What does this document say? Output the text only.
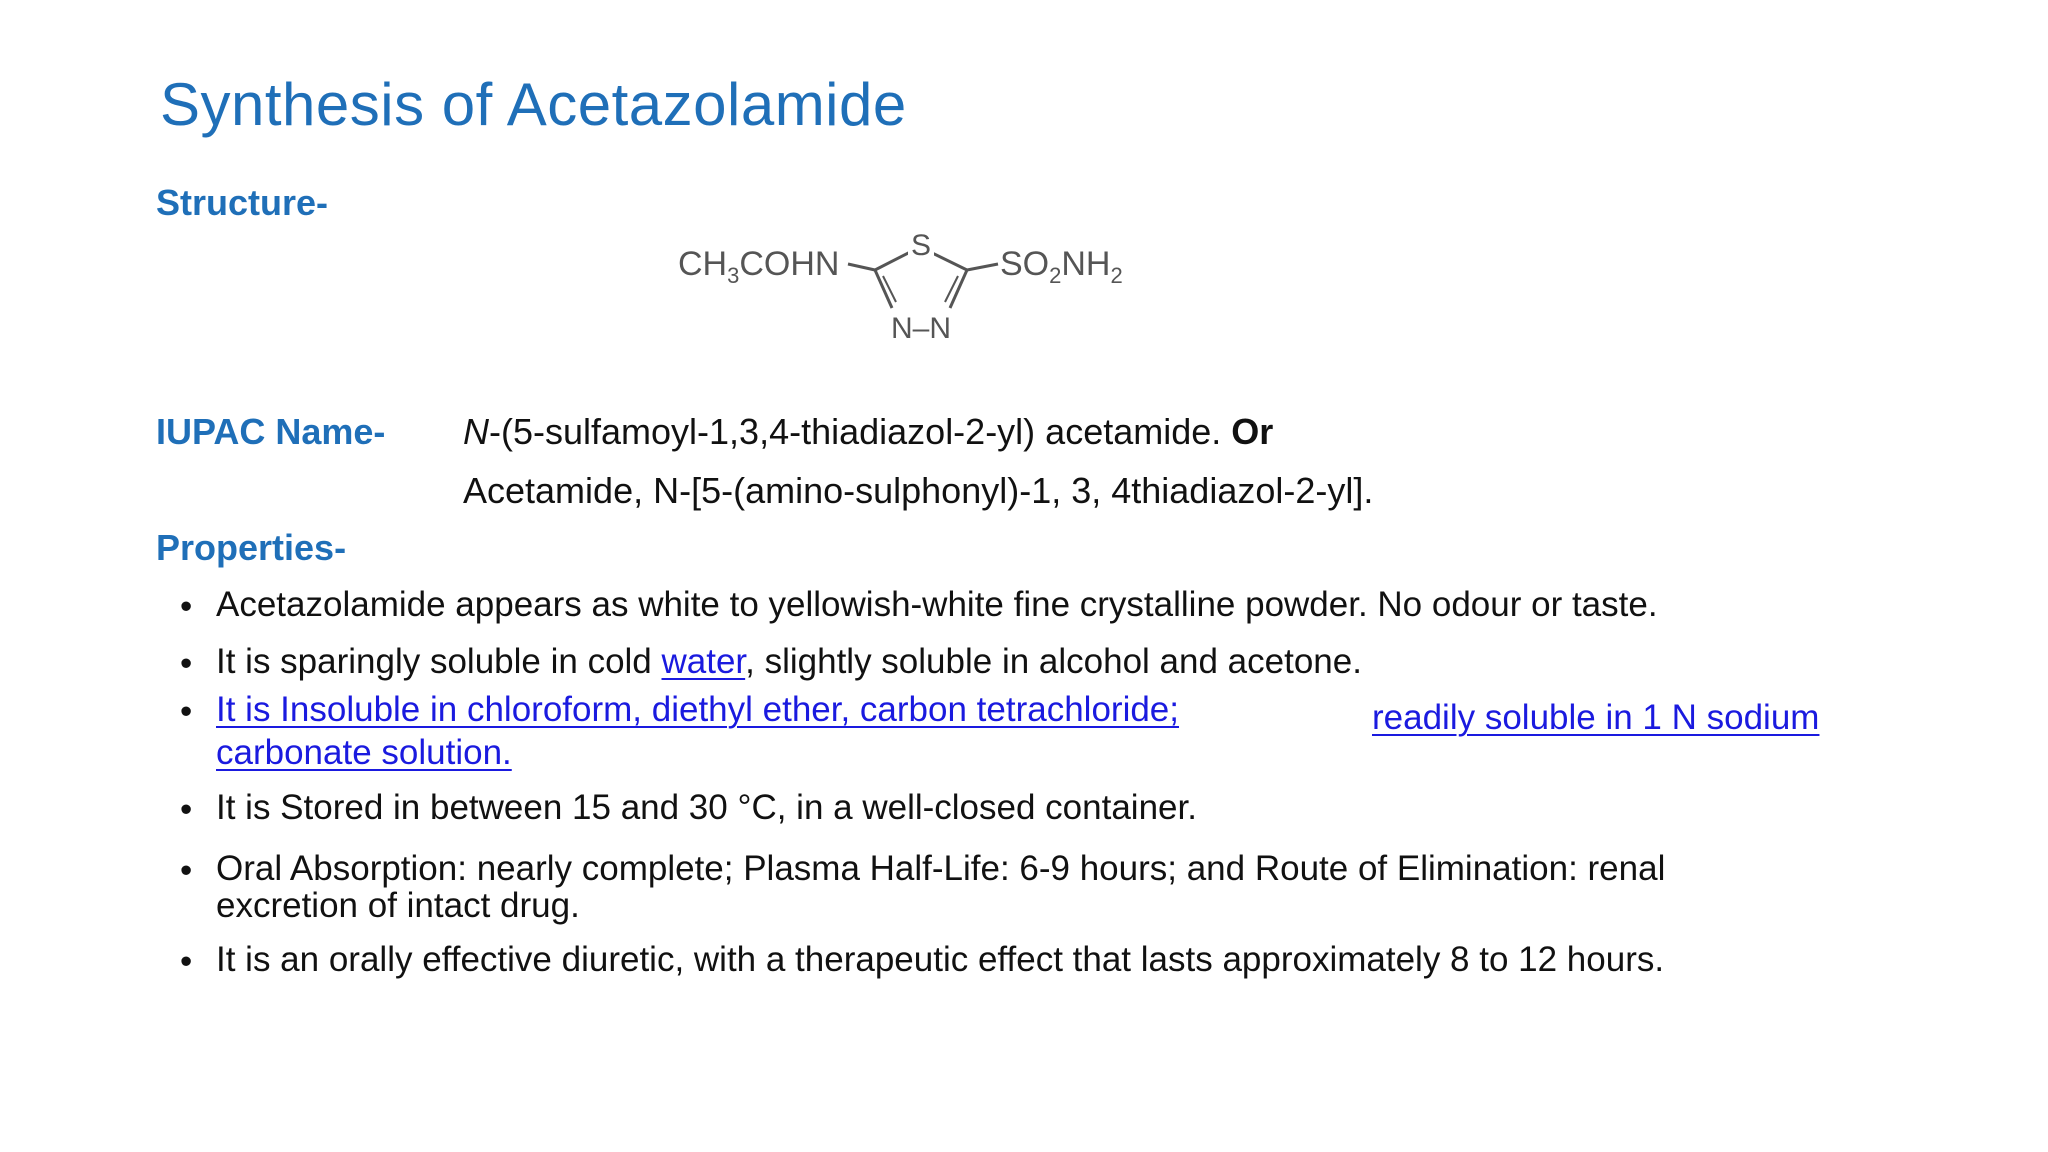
Synthesis of Acetazolamide
Structure-
$CH_3COHN$ S
N–N
$SO_2NH_2$
IUPAC Name- N-(5-sulfamoyl-1,3,4-thiadiazol-2-yl) acetamide. Or
Acetamide, N-[5-(amino-sulphonyl)-1, 3, 4thiadiazol-2-yl].
Properties-
• Acetazolamide appears as white to yellowish-white fine crystalline powder. No odour or taste.
• It is sparingly soluble in cold water, slightly soluble in alcohol and acetone.
• It is Insoluble in chloroform, diethyl ether, carbon tetrachloride;	readily soluble in 1 N sodium
carbonate solution.
• It is Stored in between 15 and 30 °C, in a well-closed container.
• Oral Absorption: nearly complete; Plasma Half-Life: 6-9 hours; and Route of Elimination: renal
excretion of intact drug.
• It is an orally effective diuretic, with a therapeutic effect that lasts approximately 8 to 12 hours.
